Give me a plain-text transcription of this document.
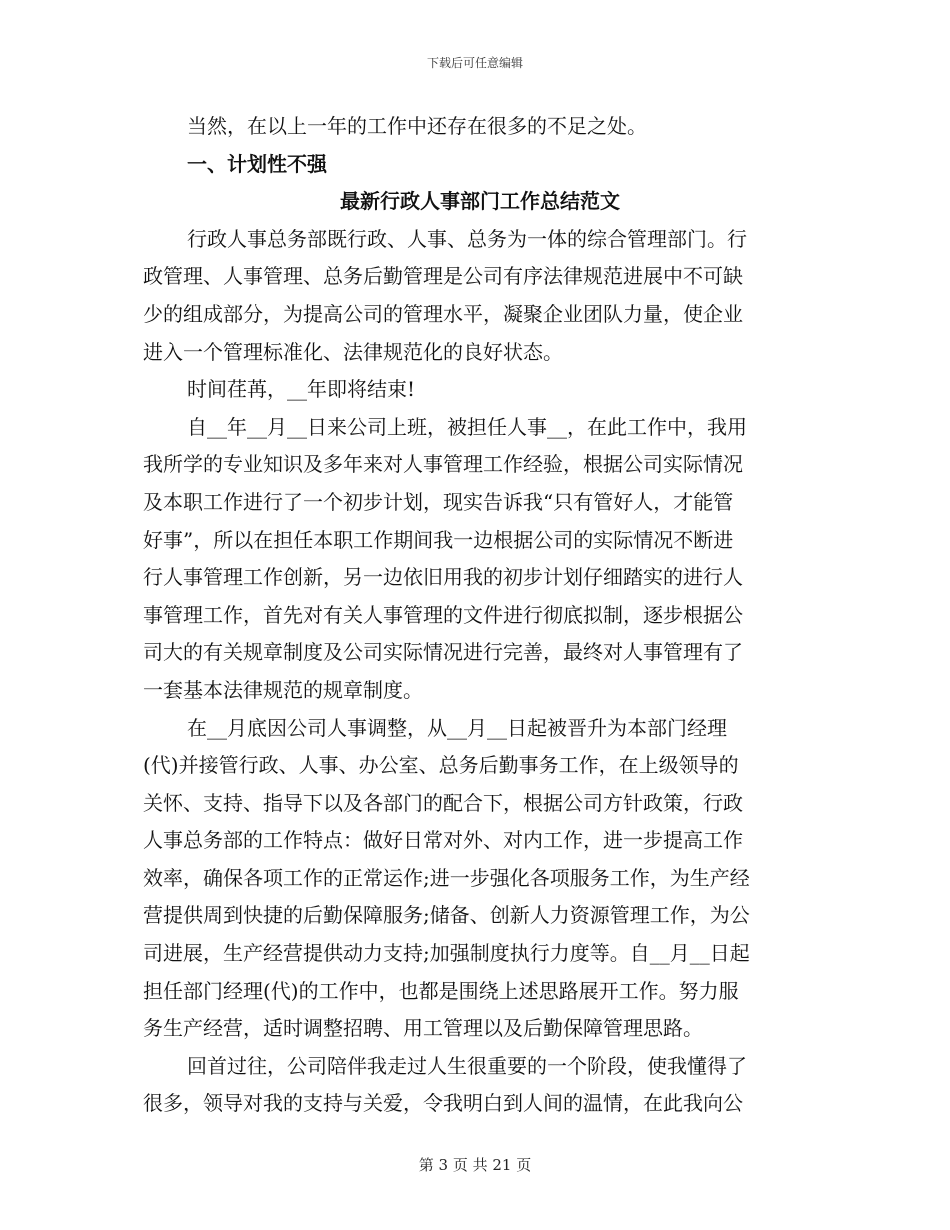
下载后可任意编辑
当然，在以上一年的工作中还存在很多的不足之处。
一、计划性不强
最新行政人事部门工作总结范文
行政人事总务部既行政、人事、总务为一体的综合管理部门。行
政管理、人事管理、总务后勤管理是公司有序法律规范进展中不可缺
少的组成部分，为提高公司的管理水平，凝聚企业团队力量，使企业
进入一个管理标准化、法律规范化的良好状态。
时间荏苒，__年即将结束!
自__年__月__日来公司上班，被担任人事__，在此工作中，我用
我所学的专业知识及多年来对人事管理工作经验，根据公司实际情况
及本职工作进行了一个初步计划，现实告诉我“只有管好人，才能管
好事”，所以在担任本职工作期间我一边根据公司的实际情况不断进
行人事管理工作创新，另一边依旧用我的初步计划仔细踏实的进行人
事管理工作，首先对有关人事管理的文件进行彻底拟制，逐步根据公
司大的有关规章制度及公司实际情况进行完善，最终对人事管理有了
一套基本法律规范的规章制度。
在__月底因公司人事调整，从__月__日起被晋升为本部门经理
(代)并接管行政、人事、办公室、总务后勤事务工作，在上级领导的
关怀、支持、指导下以及各部门的配合下，根据公司方针政策，行政
人事总务部的工作特点：做好日常对外、对内工作，进一步提高工作
效率，确保各项工作的正常运作;进一步强化各项服务工作，为生产经
营提供周到快捷的后勤保障服务;储备、创新人力资源管理工作，为公
司进展，生产经营提供动力支持;加强制度执行力度等。自__月__日起
担任部门经理(代)的工作中，也都是围绕上述思路展开工作。努力服
务生产经营，适时调整招聘、用工管理以及后勤保障管理思路。
回首过往，公司陪伴我走过人生很重要的一个阶段，使我懂得了
很多，领导对我的支持与关爱，令我明白到人间的温情，在此我向公
第 3 页 共 21 页
